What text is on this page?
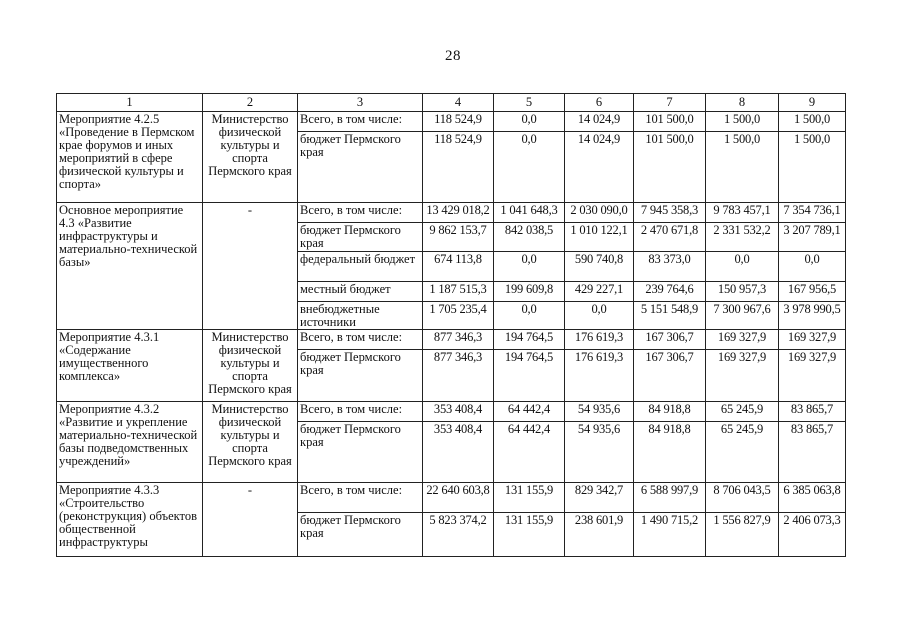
28
1	2	3	4	5	6	7	8	9
Мероприятие 4.2.5 «Проведение в Пермском крае форумов и иных мероприятий в сфере физической культуры и спорта»	Министерство физической культуры и спорта Пермского края	Всего, в том числе:	118 524,9	0,0	14 024,9	101 500,0	1 500,0	1 500,0
		бюджет Пермского края	118 524,9	0,0	14 024,9	101 500,0	1 500,0	1 500,0
Основное мероприятие 4.3 «Развитие инфраструктуры и материально-технической базы»	-	Всего, в том числе:	13 429 018,2	1 041 648,3	2 030 090,0	7 945 358,3	9 783 457,1	7 354 736,1
		бюджет Пермского края	9 862 153,7	842 038,5	1 010 122,1	2 470 671,8	2 331 532,2	3 207 789,1
		федеральный бюджет	674 113,8	0,0	590 740,8	83 373,0	0,0	0,0
		местный бюджет	1 187 515,3	199 609,8	429 227,1	239 764,6	150 957,3	167 956,5
		внебюджетные источники	1 705 235,4	0,0	0,0	5 151 548,9	7 300 967,6	3 978 990,5
Мероприятие 4.3.1 «Содержание имущественного комплекса»	Министерство физической культуры и спорта Пермского края	Всего, в том числе:	877 346,3	194 764,5	176 619,3	167 306,7	169 327,9	169 327,9
		бюджет Пермского края	877 346,3	194 764,5	176 619,3	167 306,7	169 327,9	169 327,9
Мероприятие 4.3.2 «Развитие и укрепление материально-технической базы подведомственных учреждений»	Министерство физической культуры и спорта Пермского края	Всего, в том числе:	353 408,4	64 442,4	54 935,6	84 918,8	65 245,9	83 865,7
		бюджет Пермского края	353 408,4	64 442,4	54 935,6	84 918,8	65 245,9	83 865,7
Мероприятие 4.3.3 «Строительство (реконструкция) объектов общественной инфраструктуры	-	Всего, в том числе:	22 640 603,8	131 155,9	829 342,7	6 588 997,9	8 706 043,5	6 385 063,8
		бюджет Пермского края	5 823 374,2	131 155,9	238 601,9	1 490 715,2	1 556 827,9	2 406 073,3
